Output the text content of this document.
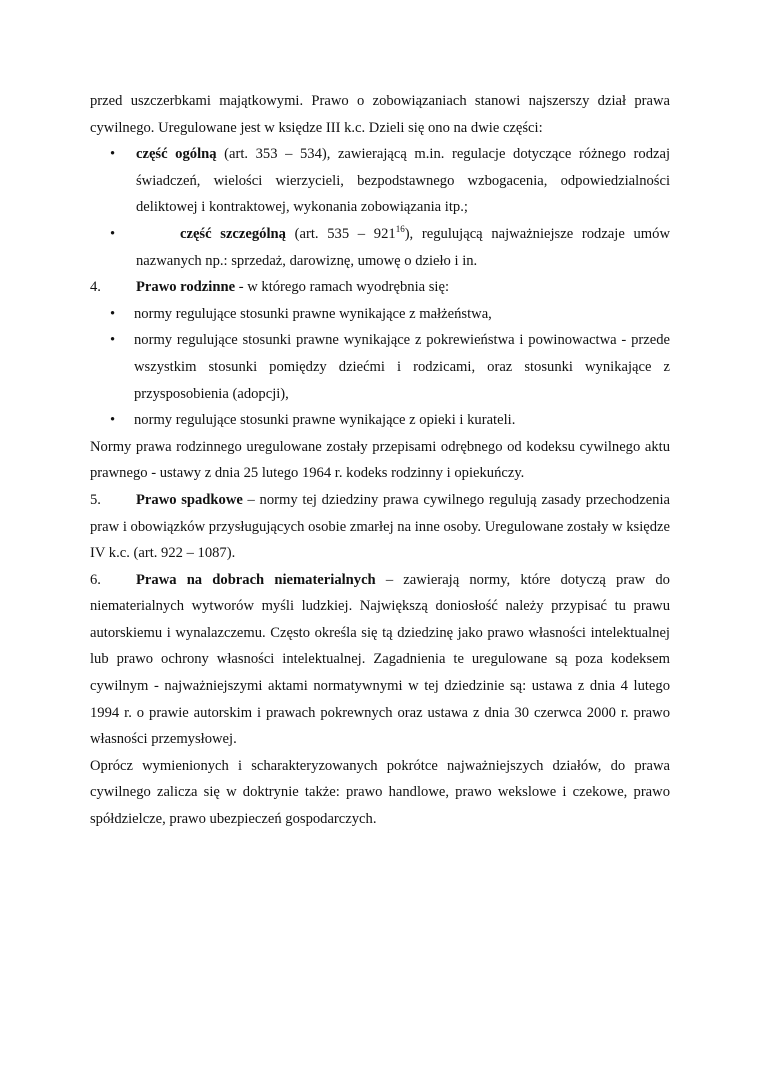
przed uszczerbkami majątkowymi. Prawo o zobowiązaniach stanowi najszerszy dział prawa cywilnego. Uregulowane jest w księdze III k.c. Dzieli się ono na dwie części:

• część ogólną (art. 353 – 534), zawierającą m.in. regulacje dotyczące różnego rodzaj świadczeń, wielości wierzycieli, bezpodstawnego wzbogacenia, odpowiedzialności deliktowej i kontraktowej, wykonania zobowiązania itp.;
•	część szczególną (art. $535 - 921^{16}$), regulującą najważniejsze rodzaje umów nazwanych np.: sprzedaż, darowiznę, umowę o dzieło i in.

4. Prawo rodzinne - w którego ramach wyodrębnia się:

• normy regulujące stosunki prawne wynikające z małżeństwa,
• normy regulujące stosunki prawne wynikające z pokrewieństwa i powinowactwa - przede wszystkim stosunki pomiędzy dziećmi i rodzicami, oraz stosunki wynikające z przysposobienia (adopcji),
• normy regulujące stosunki prawne wynikające z opieki i kurateli.

Normy prawa rodzinnego uregulowane zostały przepisami odrębnego od kodeksu cywilnego aktu prawnego - ustawy z dnia 25 lutego 1964 r. kodeks rodzinny i opiekuńczy.

5. Prawo spadkowe – normy tej dziedziny prawa cywilnego regulują zasady przechodzenia praw i obowiązków przysługujących osobie zmarłej na inne osoby. Uregulowane zostały w księdze IV k.c. (art. 922 – 1087).

6. Prawa na dobrach niematerialnych – zawierają normy, które dotyczą praw do niematerialnych wytworów myśli ludzkiej. Największą doniosłość należy przypisać tu prawu autorskiemu i wynalazczemu. Często określa się tą dziedzinę jako prawo własności intelektualnej lub prawo ochrony własności intelektualnej. Zagadnienia te uregulowane są poza kodeksem cywilnym - najważniejszymi aktami normatywnymi w tej dziedzinie są: ustawa z dnia 4 lutego 1994 r. o prawie autorskim i prawach pokrewnych oraz ustawa z dnia 30 czerwca 2000 r. prawo własności przemysłowej.

Oprócz wymienionych i scharakteryzowanych pokrótce najważniejszych działów, do prawa cywilnego zalicza się w doktrynie także: prawo handlowe, prawo wekslowe i czekowe, prawo spółdzielcze, prawo ubezpieczeń gospodarczych.
